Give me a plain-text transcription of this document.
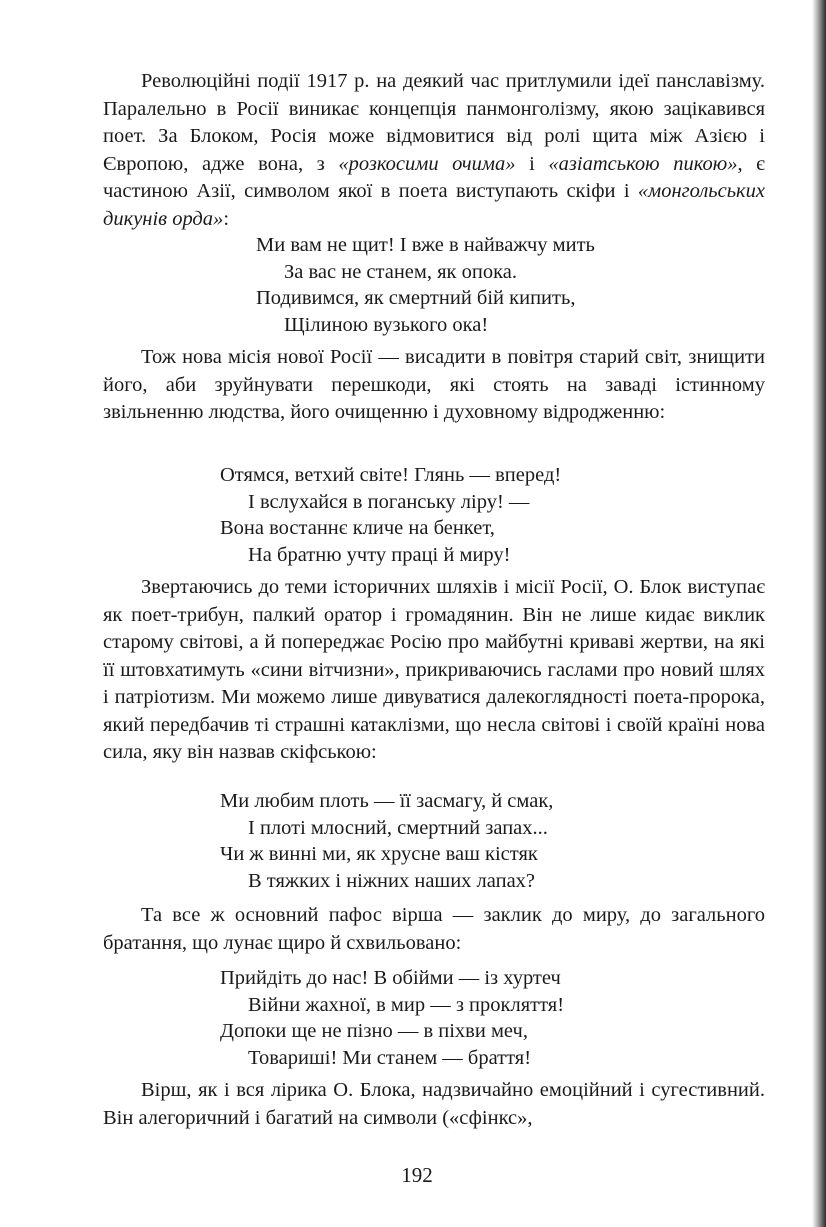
Революційні події 1917 р. на деякий час притлумили ідеї панславізму. Паралельно в Росії виникає концепція панмонголізму, якою зацікавився поет. За Блоком, Росія може відмовитися від ролі щита між Азією і Європою, адже вона, з «розкосими очима» і «азіатською пикою», є частиною Азії, символом якої в поета виступають скіфи і «монгольських дикунів орда»:

Ми вам не щит! І вже в найважчу мить
За вас не станем, як опока.
Подивимся, як смертний бій кипить,
Щілиною вузького ока!

Тож нова місія нової Росії — висадити в повітря старий світ, знищити його, аби зруйнувати перешкоди, які стоять на заваді істинному звільненню людства, його очищенню і духовному відродженню:

Отямся, ветхий світе! Глянь — вперед!
І вслухайся в поганську ліру! —
Вона востаннє кличе на бенкет,
На братню учту праці й миру!

Звертаючись до теми історичних шляхів і місії Росії, О. Блок виступає як поет-трибун, палкий оратор і громадянин. Він не лише кидає виклик старому світові, а й попереджає Росію про майбутні криваві жертви, на які її штовхатимуть «сини вітчизни», прикриваючись гаслами про новий шлях і патріотизм. Ми можемо лише дивуватися далекоглядності поета-пророка, який передбачив ті страшні катаклізми, що несла світові і своїй країні нова сила, яку він назвав скіфською:

Ми любим плоть — її засмагу, й смак,
І плоті млосний, смертний запах...
Чи ж винні ми, як хрусне ваш кістяк
В тяжких і ніжних наших лапах?

Та все ж основний пафос вірша — заклик до миру, до загального братання, що лунає щиро й схвильовано:

Прийдіть до нас! В обійми — із хуртеч
Війни жахної, в мир — з прокляття!
Допоки ще не пізно — в піхви меч,
Товариші! Ми станем — браття!

Вірш, як і вся лірика О. Блока, надзвичайно емоційний і сугестивний. Він алегоричний і багатий на символи («сфінкс»,

192
